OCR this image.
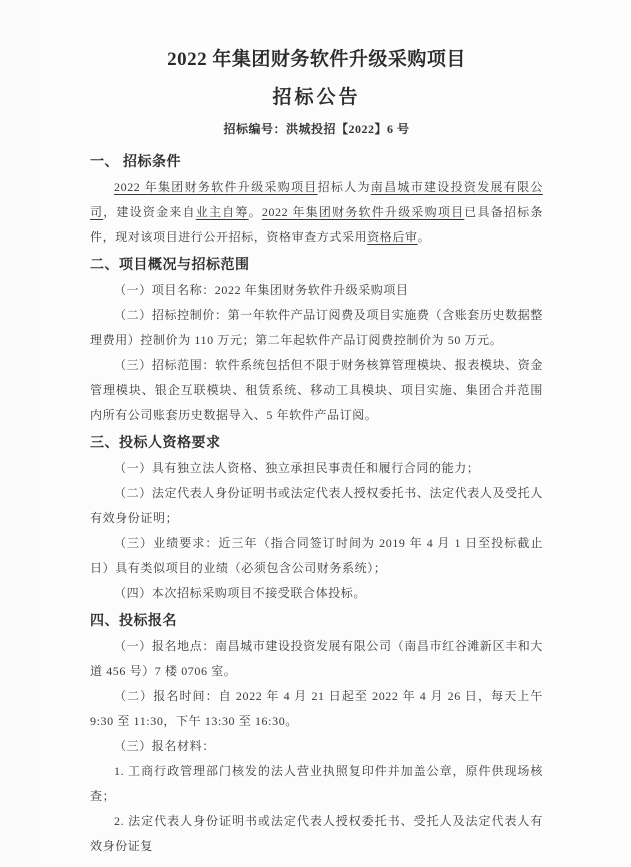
2022 年集团财务软件升级采购项目
招标公告
招标编号：洪城投招【2022】6 号
一、 招标条件

2022 年集团财务软件升级采购项目招标人为南昌城市建设投资发展有限公司，建设资金来自业主自筹。2022 年集团财务软件升级采购项目已具备招标条件，现对该项目进行公开招标，资格审查方式采用资格后审。

二、项目概况与招标范围

（一）项目名称：2022 年集团财务软件升级采购项目

（二）招标控制价：第一年软件产品订阅费及项目实施费（含账套历史数据整理费用）控制价为 110 万元；第二年起软件产品订阅费控制价为 50 万元。

（三）招标范围：软件系统包括但不限于财务核算管理模块、报表模块、资金管理模块、银企互联模块、租赁系统、移动工具模块、项目实施、集团合并范围内所有公司账套历史数据导入、5 年软件产品订阅。

三、投标人资格要求

（一）具有独立法人资格、独立承担民事责任和履行合同的能力；

（二）法定代表人身份证明书或法定代表人授权委托书、法定代表人及受托人有效身份证明；

（三）业绩要求：近三年（指合同签订时间为 2019 年 4 月 1 日至投标截止日）具有类似项目的业绩（必须包含公司财务系统）；

（四）本次招标采购项目不接受联合体投标。

四、投标报名

（一）报名地点：南昌城市建设投资发展有限公司（南昌市红谷滩新区丰和大道 456 号）7 楼 0706 室。

（二）报名时间：自 2022 年 4 月 21 日起至 2022 年 4 月 26 日，每天上午 9:30 至 11:30，下午 13:30 至 16:30。

（三）报名材料：

1. 工商行政管理部门核发的法人营业执照复印件并加盖公章，原件供现场核查；

2. 法定代表人身份证明书或法定代表人授权委托书、受托人及法定代表人有效身份证复
